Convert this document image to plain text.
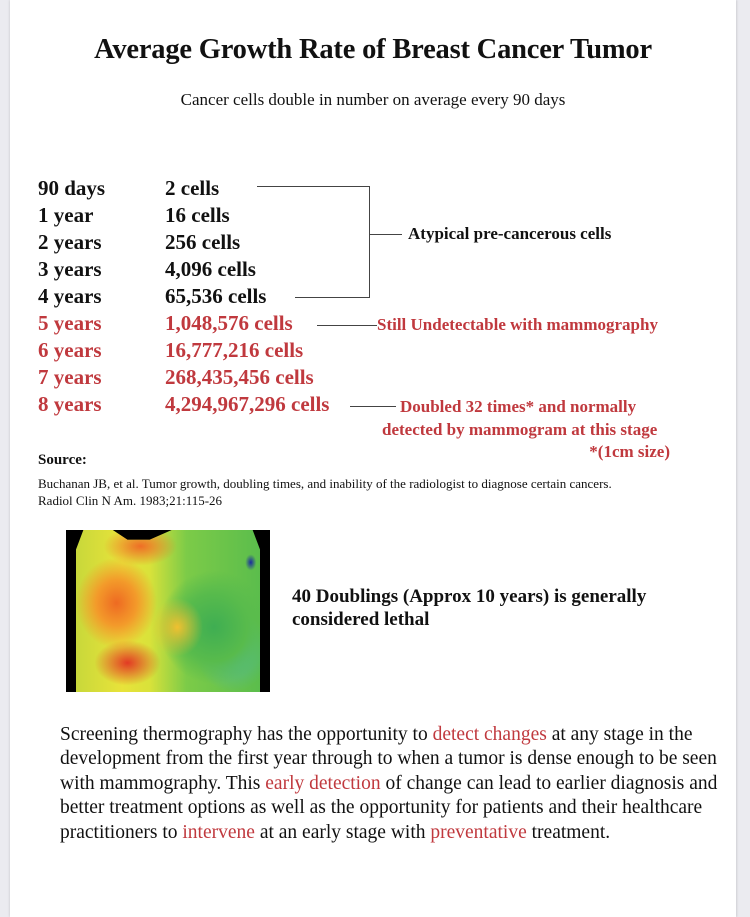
Average Growth Rate of Breast Cancer Tumor

Cancer cells double in number on average every 90 days

90 days	2 cells
1 year	16 cells
2 years	256 cells
3 years	4,096 cells
4 years	65,536 cells
5 years	1,048,576 cells
6 years	16,777,216 cells
7 years	268,435,456 cells
8 years	4,294,967,296 cells
Atypical pre-cancerous cells
Still Undetectable with mammography
Doubled 32 times* and normally
detected by mammogram at this stage
*(1cm size)
Source:
Buchanan JB, et al. Tumor growth, doubling times, and inability of the radiologist to diagnose certain cancers.
Radiol Clin N Am. 1983;21:115-26
40 Doublings (Approx 10 years) is generally considered lethal

Screening thermography has the opportunity to detect changes at any stage in the development from the first year through to when a tumor is dense enough to be seen with mammography. This early detection of change can lead to earlier diagnosis and better treatment options as well as the opportunity for patients and their healthcare practitioners to intervene at an early stage with preventative treatment.
